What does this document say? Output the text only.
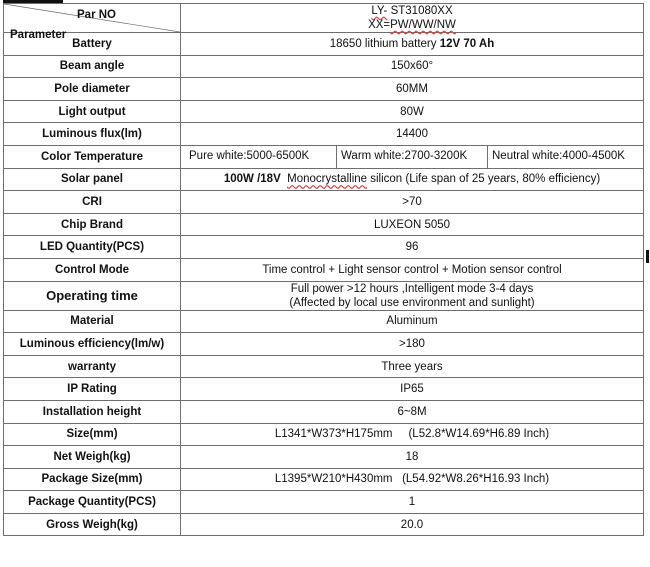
Par NO
Parameter	LY- ST31080XX
XX=PW/WW/NW
Battery	18650 lithium battery 12V 70 Ah
Beam angle	150x60°
Pole diameter	60MM
Light output	80W
Luminous flux(lm)	14400
Color Temperature	Pure white:5000-6500K Warm white:2700-3200K Neutral white:4000-4500K

Solar panel	100W /18V Monocrystalline silicon (Life span of 25 years, 80% efficiency)
CRI	>70
Chip Brand	LUXEON 5050
LED Quantity(PCS)	96
Control Mode	Time control + Light sensor control + Motion sensor control
Operating time	Full power >12 hours ,Intelligent mode 3-4 days
(Affected by local use environment and sunlight)
Material	Aluminum
Luminous efficiency(lm/w)	>180
warranty	Three years
IP Rating	IP65
Installation height	6~8M
Size(mm)	L1341*W373*H175mm     (L52.8*W14.69*H6.89 Inch)
Net Weigh(kg)	18
Package Size(mm)	L1395*W210*H430mm   (L54.92*W8.26*H16.93 Inch)
Package Quantity(PCS)	1
Gross Weigh(kg)	20.0
